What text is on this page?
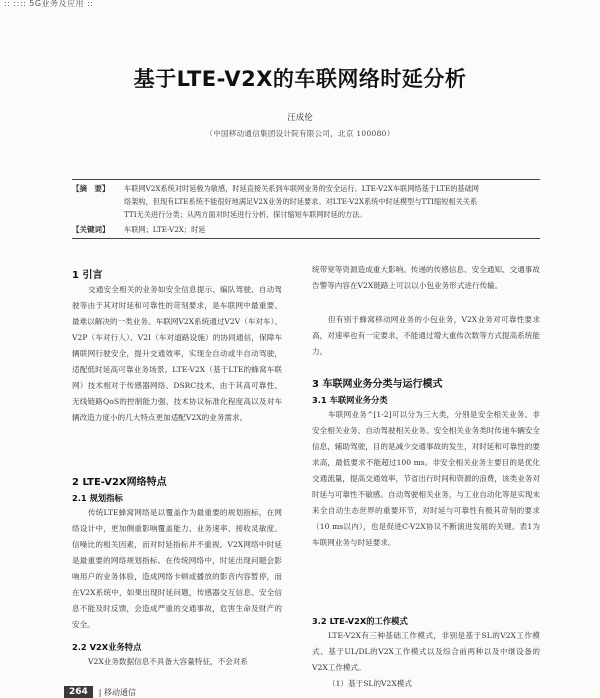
:: :::: 5G业务及应用 ::
基于LTE-V2X的车联网络时延分析
汪成伦
（中国移动通信集团设计院有限公司，北京 100080）
【摘　要】	车联网V2X系统对时延极为敏感，时延直接关系到车联网业务的安全运行。LTE-V2X车联网络基于LTE的基础网
络架构，但现有LTE系统不能很好地满足V2X业务的时延要求。对LTE-V2X系统中时延模型与TTI缩短相关关系
TTI无关进行分类；从两方面对时延进行分析，探讨缩短车联网时延的方法。
【关键词】	车联网；LTE-V2X；时延
1 引言

交通安全相关的业务如安全信息提示、编队驾驶、自动驾驶等由于其对时延和可靠性的苛刻要求，是车联网中最重要、最难以解决的一类业务。车联网V2X系统通过V2V（车对车）、V2P（车对行人）、V2I（车对道路设施）的协同通信，保障车辆联网行驶安全，提升交通效率，实现全自动或半自动驾驶，适配低时延高可靠业务场景。LTE-V2X（基于LTE的蜂窝车联网）技术相对于传感器网络、DSRC技术，由于其高可靠性、无线链路QoS的控制能力强、技术协议标准化程度高以及对车辆改造力度小的几大特点更加适配V2X的业务需求。

2 LTE-V2X网络特点
2.1 规划指标

传统LTE蜂窝网络是以覆盖作为最重要的规划指标，在网络设计中，更加侧重影响覆盖能力、业务速率、接收灵敏度、信噪比的相关因素，而对时延指标并不重视。V2X网络中时延是最重要的网络规划指标。在传统网络中，时延出现问题会影响用户的业务体验，造成网络卡顿或播放的影音内容暂停，而在V2X系统中，如果出现时延问题，传感器交互信息、安全信息不能及时反馈，会造成严重的交通事故，危害生命及财产的安全。

2.2 V2X业务特点

V2X业务数据信息不具备大容量特征，不会对系

统带宽等资源造成重大影响。传递的传感信息、安全通知、交通事故告警等内容在V2X链路上可以以小包业务形式进行传输。

但有别于蜂窝移动网业务的小包业务，V2X业务对可靠性要求高，对速率也有一定要求，不能通过增大重传次数等方式提高系统能力。

3 车联网业务分类与运行模式
3.1 车联网业务分类

车联网业务^[1-2]可以分为三大类，分别是安全相关业务、非安全相关业务、自动驾驶相关业务。安全相关业务类时传递车辆安全信息，辅助驾驶，目的是减少交通事故的发生，对时延和可靠性的要求高，最低要求不能超过100 ms。非安全相关业务主要目的是优化交通流量，提高交通效率，节省出行时间和资源的浪费，该类业务对时延与可靠性不敏感。自动驾驶相关业务，与工业自动化等是实现未来全自动生态世界的重要环节，对时延与可靠性有极其苛刻的要求（10 ms以内），也是促进C-V2X协议不断演进发展的关键。表1为车联网业务与时延要求。

3.2 LTE-V2X的工作模式

LTE-V2X有三种基础工作模式，非别是基于SL的V2X工作模式、基于UL/DL的V2X工作模式以及综合前两种以及中继设备的V2X工作模式。

（1）基于SL的V2X模式

264	| 移动通信
